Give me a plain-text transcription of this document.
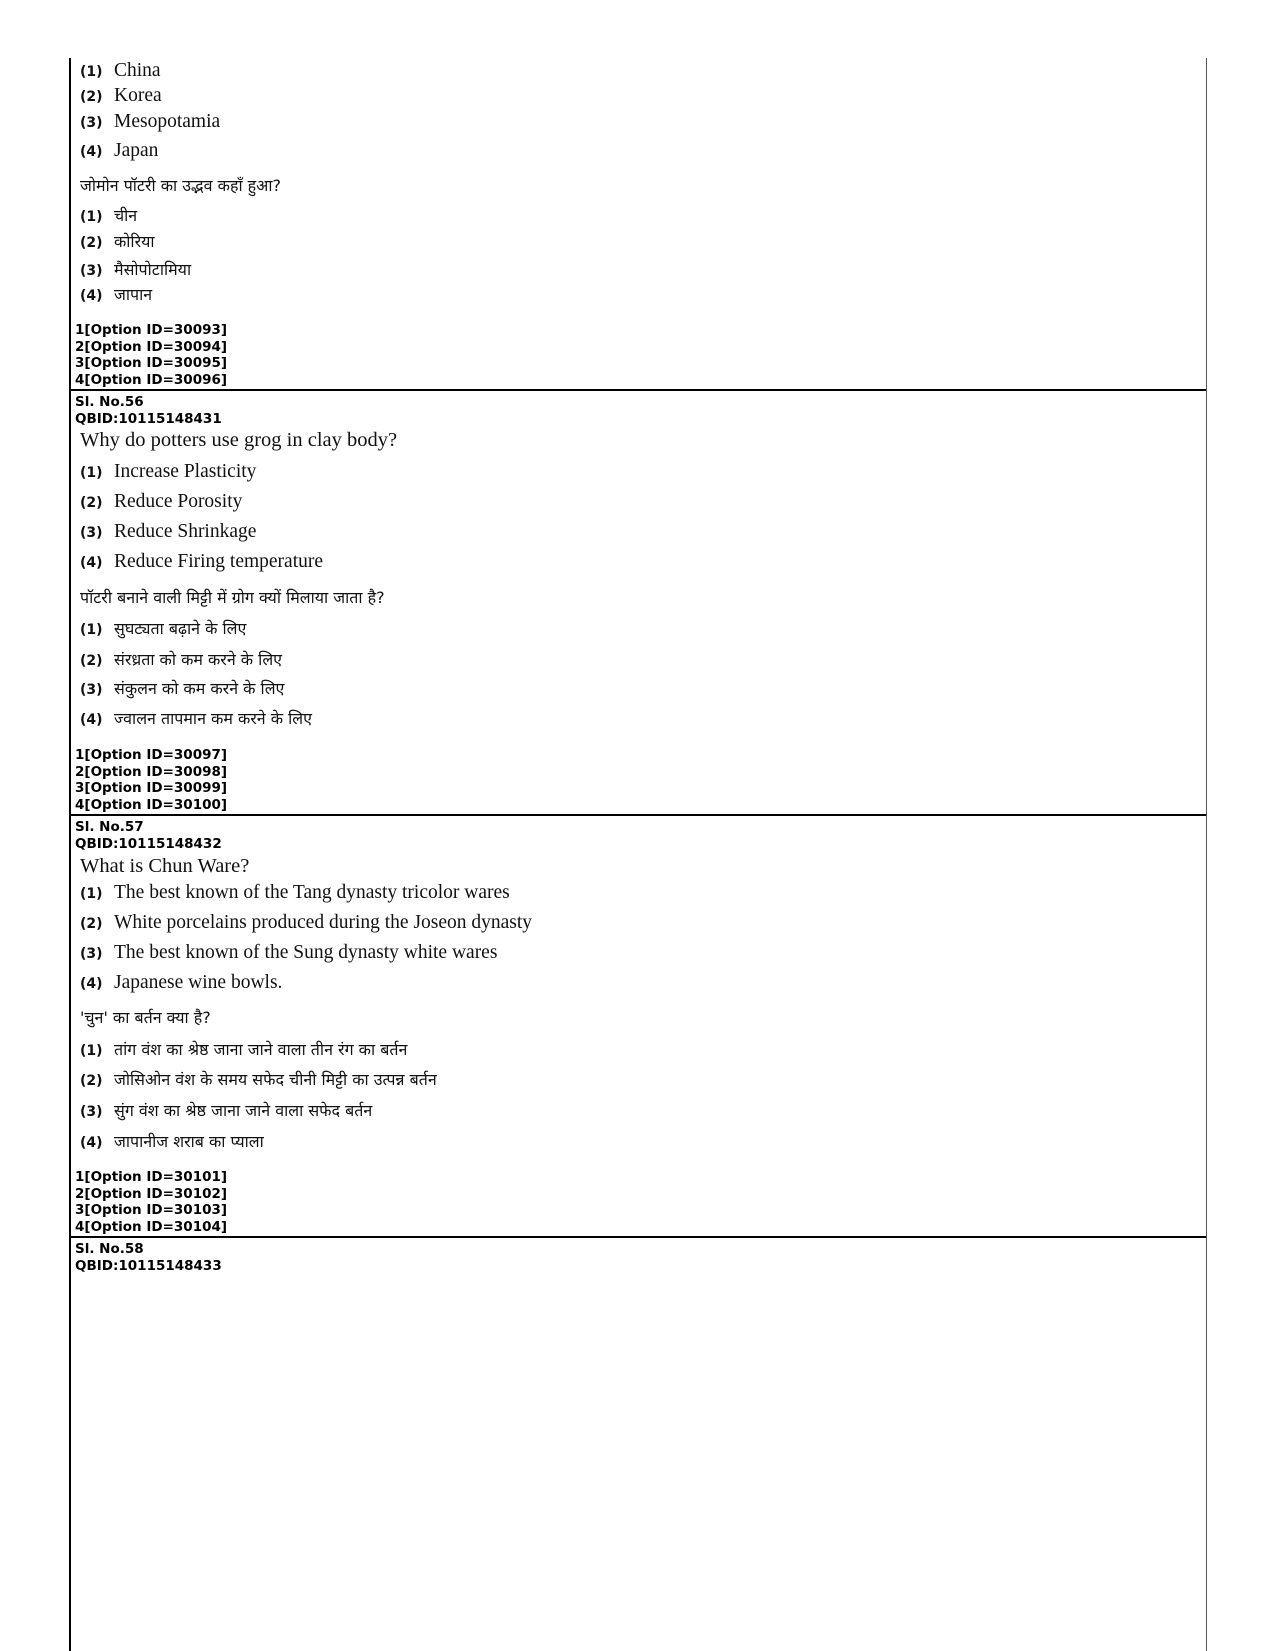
(1) China
(2) Korea
(3) Mesopotamia
(4) Japan
जोमोन पॉटरी का उद्भव कहाँ हुआ?
(1) चीन
(2) कोरिया
(3) मैसोपोटामिया
(4) जापान
1[Option ID=30093]
2[Option ID=30094]
3[Option ID=30095]
4[Option ID=30096]
Sl. No.56
QBID:10115148431
Why do potters use grog in clay body?
(1) Increase Plasticity
(2) Reduce Porosity
(3) Reduce Shrinkage
(4) Reduce Firing temperature
पॉटरी बनाने वाली मिट्टी में ग्रोग क्यों मिलाया जाता है?
(1) सुघट्यता बढ़ाने के लिए
(2) संरध्रता को कम करने के लिए
(3) संकुलन को कम करने के लिए
(4) ज्वालन तापमान कम करने के लिए
1[Option ID=30097]
2[Option ID=30098]
3[Option ID=30099]
4[Option ID=30100]
Sl. No.57
QBID:10115148432
What is Chun Ware?
(1) The best known of the Tang dynasty tricolor wares
(2) White porcelains produced during the Joseon dynasty
(3) The best known of the Sung dynasty white wares
(4) Japanese wine bowls.
'चुन' का बर्तन क्या है?
(1) तांग वंश का श्रेष्ठ जाना जाने वाला तीन रंग का बर्तन
(2) जोसिओन वंश के समय सफेद चीनी मिट्टी का उत्पन्न बर्तन
(3) सुंग वंश का श्रेष्ठ जाना जाने वाला सफेद बर्तन
(4) जापानीज शराब का प्याला
1[Option ID=30101]
2[Option ID=30102]
3[Option ID=30103]
4[Option ID=30104]
Sl. No.58
QBID:10115148433
